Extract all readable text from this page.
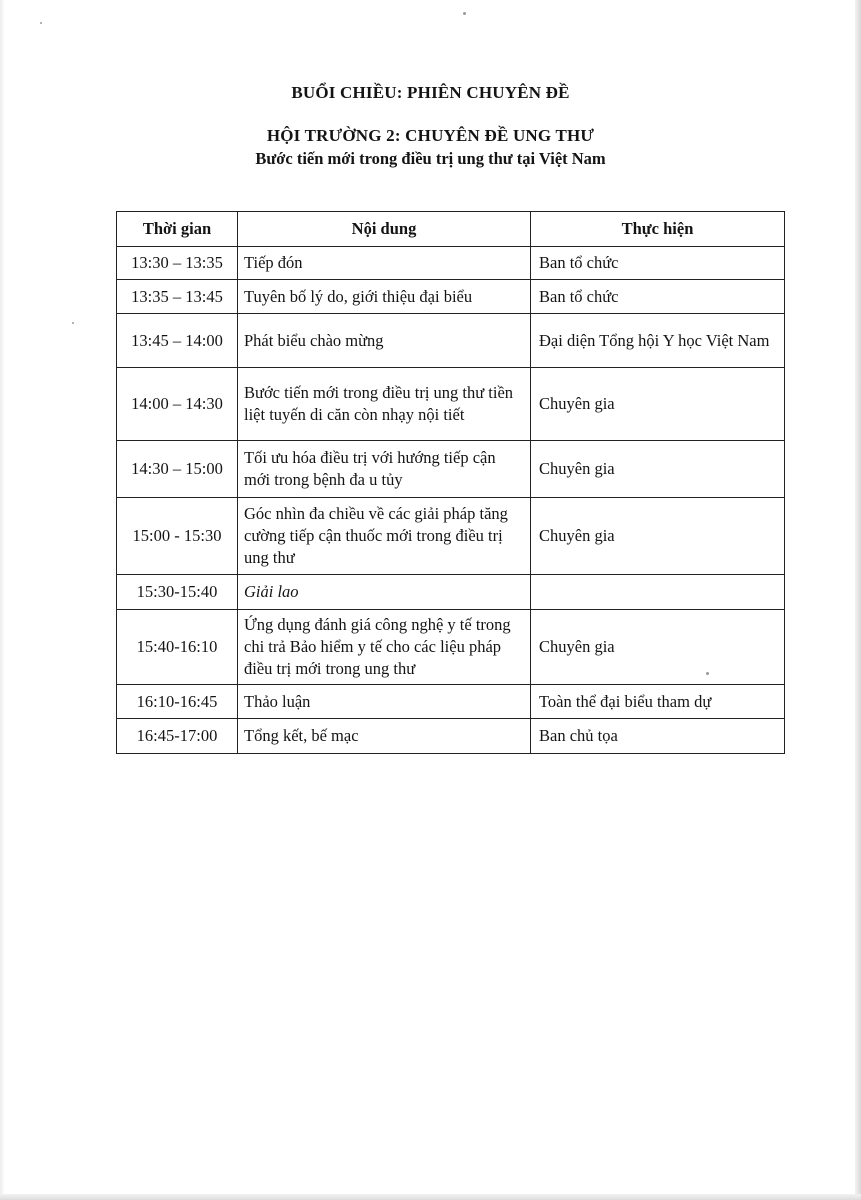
BUỔI CHIỀU: PHIÊN CHUYÊN ĐỀ
HỘI TRƯỜNG 2: CHUYÊN ĐỀ UNG THƯ
Bước tiến mới trong điều trị ung thư tại Việt Nam
Thời gian	Nội dung	Thực hiện
13:30 – 13:35	Tiếp đón	Ban tổ chức
13:35 – 13:45	Tuyên bố lý do, giới thiệu đại biểu	Ban tổ chức
13:45 – 14:00	Phát biểu chào mừng	Đại diện Tổng hội Y học Việt Nam
14:00 – 14:30	Bước tiến mới trong điều trị ung thư tiền liệt tuyến di căn còn nhạy nội tiết	Chuyên gia
14:30 – 15:00	Tối ưu hóa điều trị với hướng tiếp cận mới trong bệnh đa u tủy	Chuyên gia
15:00 - 15:30	Góc nhìn đa chiều về các giải pháp tăng cường tiếp cận thuốc mới trong điều trị ung thư	Chuyên gia
15:30-15:40	Giải lao	
15:40-16:10	Ứng dụng đánh giá công nghệ y tế trong chi trả Bảo hiểm y tế cho các liệu pháp điều trị mới trong ung thư	Chuyên gia
16:10-16:45	Thảo luận	Toàn thể đại biểu tham dự
16:45-17:00	Tổng kết, bế mạc	Ban chủ tọa
